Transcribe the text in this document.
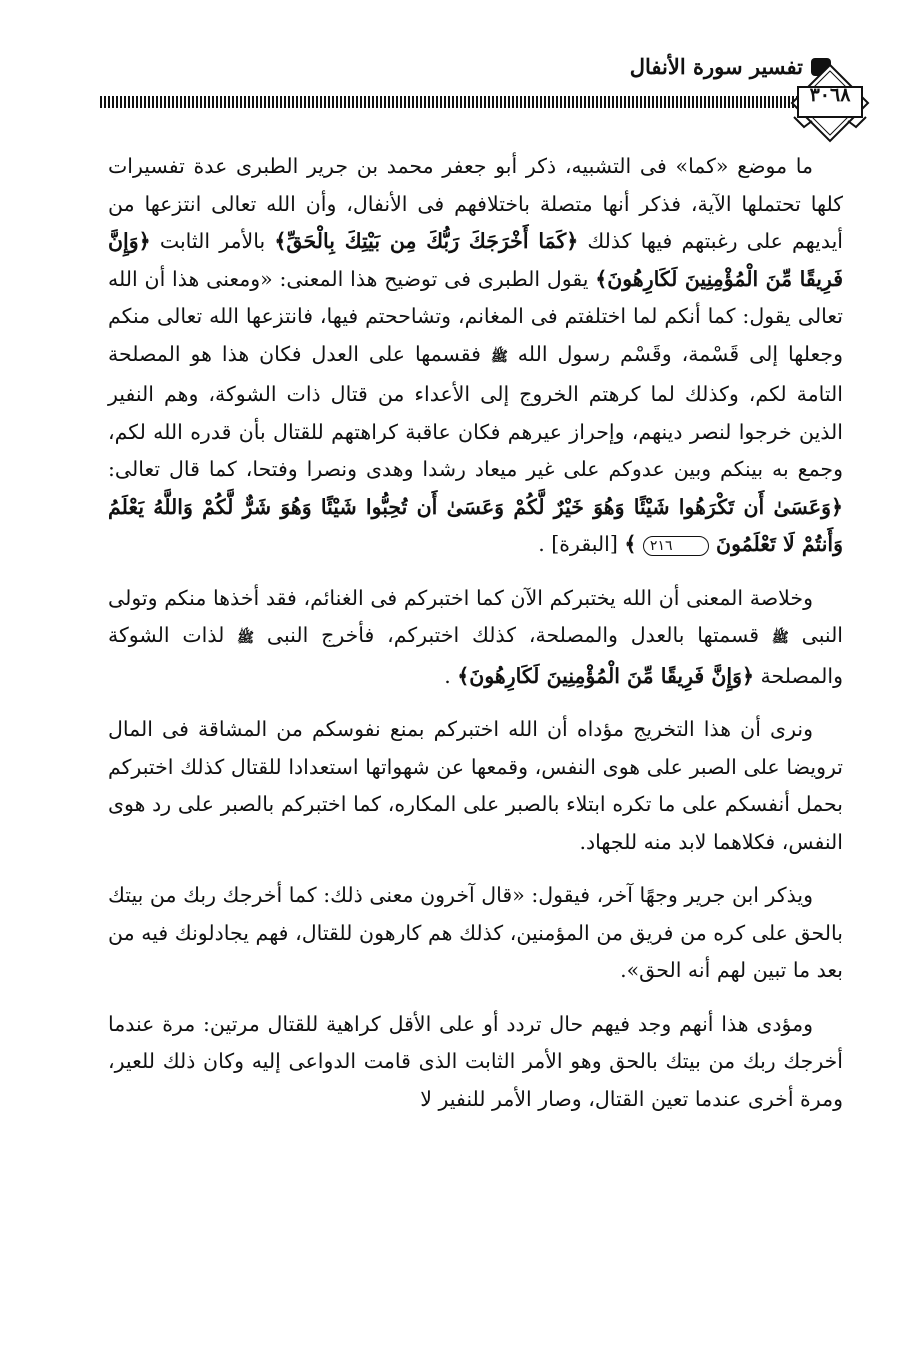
تفسير سورة الأنفال
٣٠٦٨

ما موضع «كما» فى التشبيه، ذكر أبو جعفر محمد بن جرير الطبرى عدة تفسيرات كلها تحتملها الآية، فذكر أنها متصلة باختلافهم فى الأنفال، وأن الله تعالى انتزعها من أيديهم على رغبتهم فيها كذلك ﴿كَمَا أَخْرَجَكَ رَبُّكَ مِن بَيْتِكَ بِالْحَقِّ﴾ بالأمر الثابت ﴿وَإِنَّ فَرِيقًا مِّنَ الْمُؤْمِنِينَ لَكَارِهُونَ﴾ يقول الطبرى فى توضيح هذا المعنى: «ومعنى هذا أن الله تعالى يقول: كما أنكم لما اختلفتم فى المغانم، وتشاححتم فيها، فانتزعها الله تعالى منكم وجعلها إلى قَسْمة، وقَسْم رسول الله ﷺ فقسمها على العدل فكان هذا هو المصلحة التامة لكم، وكذلك لما كرهتم الخروج إلى الأعداء من قتال ذات الشوكة، وهم النفير الذين خرجوا لنصر دينهم، وإحراز عيرهم فكان عاقبة كراهتهم للقتال بأن قدره الله لكم، وجمع به بينكم وبين عدوكم على غير ميعاد رشدا وهدى ونصرا وفتحا، كما قال تعالى: ﴿وَعَسَىٰ أَن تَكْرَهُوا شَيْئًا وَهُوَ خَيْرٌ لَّكُمْ وَعَسَىٰ أَن تُحِبُّوا شَيْئًا وَهُوَ شَرٌّ لَّكُمْ وَاللَّهُ يَعْلَمُ وَأَنتُمْ لَا تَعْلَمُونَ ٢١٦ ﴾ [البقرة] .

وخلاصة المعنى أن الله يختبركم الآن كما اختبركم فى الغنائم، فقد أخذها منكم وتولى النبى ﷺ قسمتها بالعدل والمصلحة، كذلك اختبركم، فأخرج النبى ﷺ لذات الشوكة والمصلحة ﴿وَإِنَّ فَرِيقًا مِّنَ الْمُؤْمِنِينَ لَكَارِهُونَ﴾ .

ونرى أن هذا التخريج مؤداه أن الله اختبركم بمنع نفوسكم من المشاقة فى المال ترويضا على الصبر على هوى النفس، وقمعها عن شهواتها استعدادا للقتال كذلك اختبركم بحمل أنفسكم على ما تكره ابتلاء بالصبر على المكاره، كما اختبركم بالصبر على رد هوى النفس، فكلاهما لابد منه للجهاد.

ويذكر ابن جرير وجهًا آخر، فيقول: «قال آخرون معنى ذلك: كما أخرجك ربك من بيتك بالحق على كره من فريق من المؤمنين، كذلك هم كارهون للقتال، فهم يجادلونك فيه من بعد ما تبين لهم أنه الحق».

ومؤدى هذا أنهم وجد فيهم حال تردد أو على الأقل كراهية للقتال مرتين: مرة عندما أخرجك ربك من بيتك بالحق وهو الأمر الثابت الذى قامت الدواعى إليه وكان ذلك للعير، ومرة أخرى عندما تعين القتال، وصار الأمر للنفير لا
